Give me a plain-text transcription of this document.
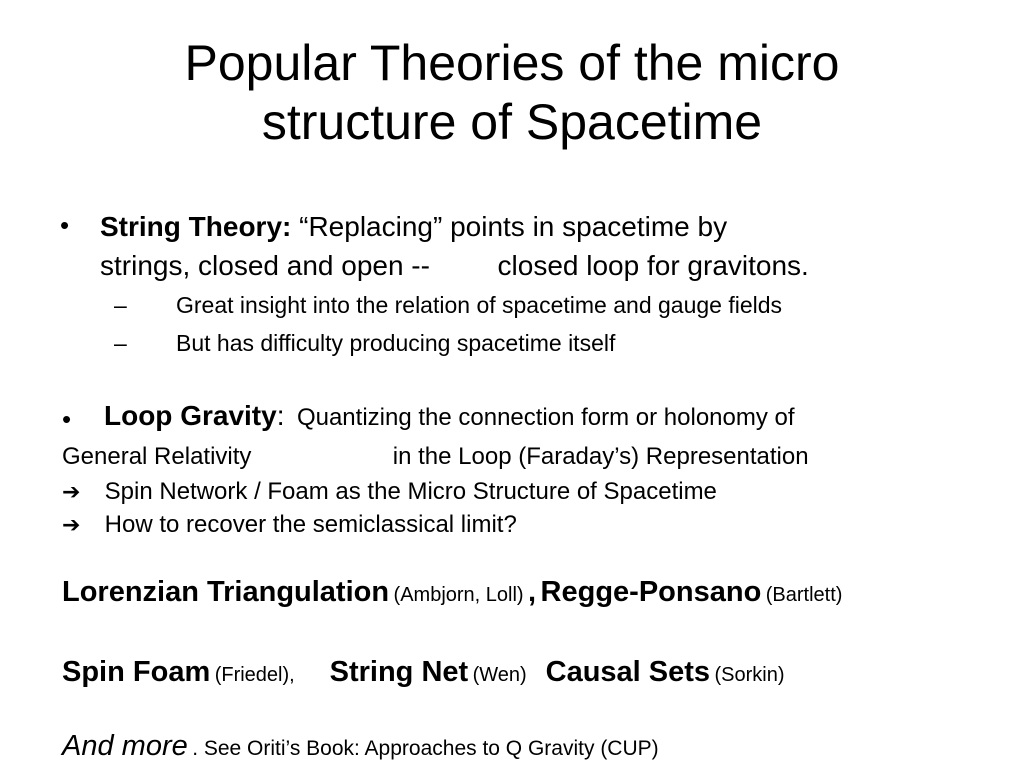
Popular Theories of the micro
structure of Spacetime
• String Theory: “Replacing” points in spacetime by
strings, closed and open -- closed loop for gravitons.
– Great insight into the relation of spacetime and gauge fields
– But has difficulty producing spacetime itself
• Loop Gravity: Quantizing the connection form or holonomy of
General Relativity	in the Loop (Faraday’s) Representation
➔ Spin Network / Foam as the Micro Structure of Spacetime
➔ How to recover the semiclassical limit?
Lorenzian Triangulation (Ambjorn, Loll) , Regge-Ponsano (Bartlett)
Spin Foam (Friedel), String Net (Wen) Causal Sets (Sorkin)
And more . See Oriti’s Book: Approaches to Q Gravity (CUP)
